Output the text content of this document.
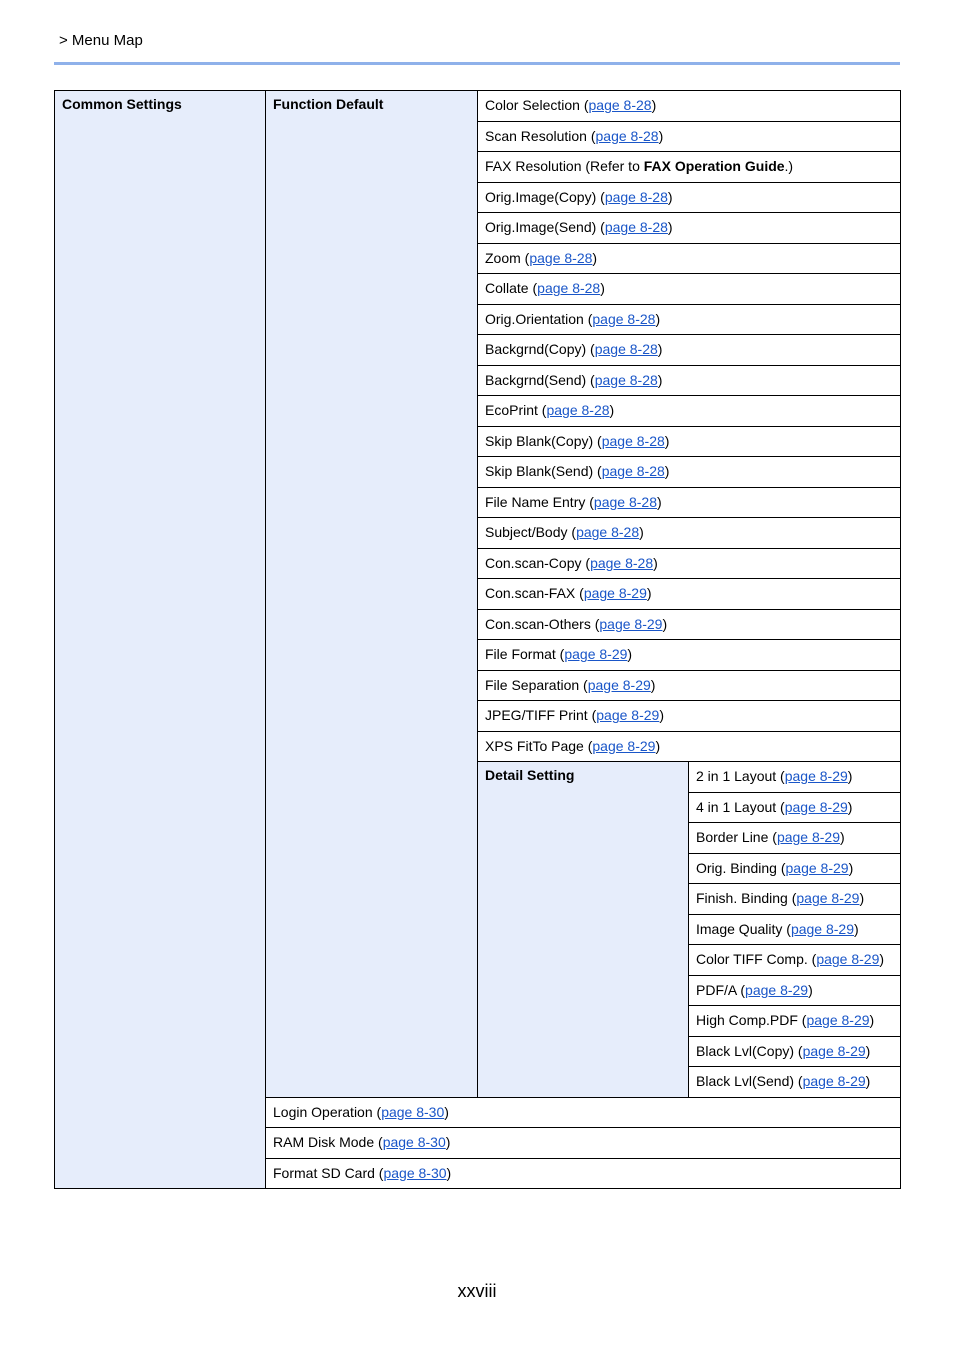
> Menu Map
Common Settings	Function Default	Color Selection (page 8-28)	
		Scan Resolution (page 8-28)	
		FAX Resolution (Refer to FAX Operation Guide.)	
		Orig.Image(Copy) (page 8-28)	
		Orig.Image(Send) (page 8-28)	
		Zoom (page 8-28)	
		Collate (page 8-28)	
		Orig.Orientation (page 8-28)	
		Backgrnd(Copy) (page 8-28)	
		Backgrnd(Send) (page 8-28)	
		EcoPrint (page 8-28)	
		Skip Blank(Copy) (page 8-28)	
		Skip Blank(Send) (page 8-28)	
		File Name Entry (page 8-28)	
		Subject/Body (page 8-28)	
		Con.scan-Copy (page 8-28)	
		Con.scan-FAX (page 8-29)	
		Con.scan-Others (page 8-29)	
		File Format (page 8-29)	
		File Separation (page 8-29)	
		JPEG/TIFF Print (page 8-29)	
		XPS FitTo Page (page 8-29)	
		Detail Setting	2 in 1 Layout (page 8-29)
			4 in 1 Layout (page 8-29)
			Border Line (page 8-29)
			Orig. Binding (page 8-29)
			Finish. Binding (page 8-29)
			Image Quality (page 8-29)
			Color TIFF Comp. (page 8-29)
			PDF/A (page 8-29)
			High Comp.PDF (page 8-29)
			Black Lvl(Copy) (page 8-29)
			Black Lvl(Send) (page 8-29)
	Login Operation (page 8-30)		
	RAM Disk Mode (page 8-30)		
	Format SD Card (page 8-30)		
xxviii
